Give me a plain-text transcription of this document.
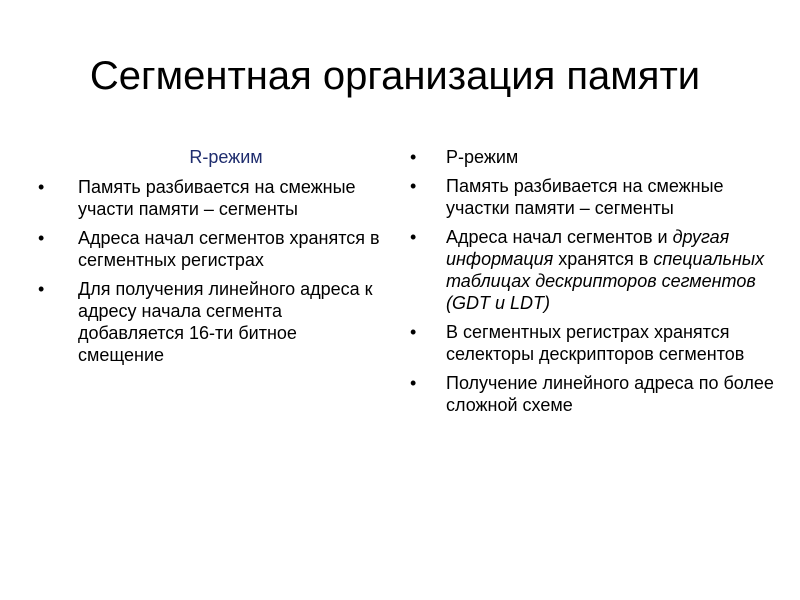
Сегментная организация памяти
R-режим
• Память разбивается на смежные участи памяти – сегменты
• Адреса начал сегментов хранятся в сегментных регистрах
• Для получения линейного адреса к адресу начала сегмента добавляется 16-ти битное смещение
• P-режим
• Память разбивается на смежные участки памяти – сегменты
• Адреса начал сегментов и другая информация хранятся в специальных таблицах дескрипторов сегментов (GDT и LDT)
• В сегментных регистрах хранятся селекторы дескрипторов сегментов
• Получение линейного адреса по более сложной схеме
